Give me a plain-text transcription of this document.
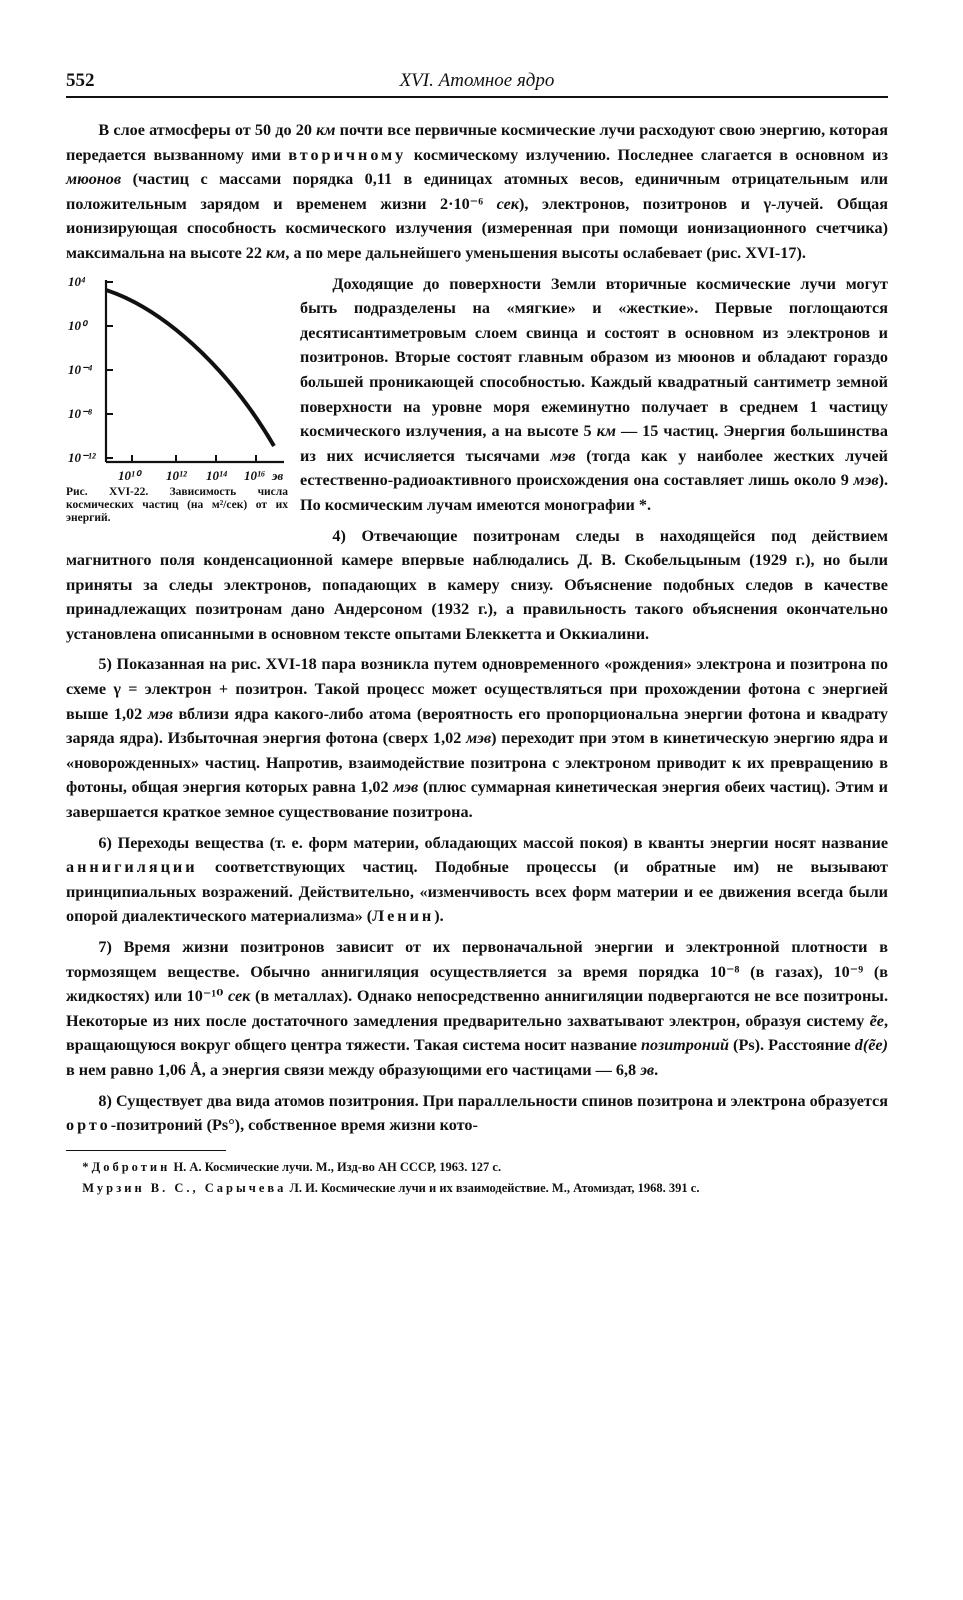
552	XVI. Атомное ядро

В слое атмосферы от 50 до 20 км почти все первичные космические лучи расходуют свою энергию, которая передается вызванному ими вторичному космическому излучению. Последнее слагается в основном из мюонов (частиц с массами порядка 0,11 в единицах атомных весов, единичным отрицательным или положительным зарядом и временем жизни 2·10⁻⁶ сек), электронов, позитронов и γ-лучей. Общая ионизирующая способность космического излучения (измеренная при помощи ионизационного счетчика) максимальна на высоте 22 км, а по мере дальнейшего уменьшения высоты ослабевает (рис. XVI-17).

10⁴
10⁰
10⁻⁴
10⁻⁸
10⁻¹²
10¹⁰ 10¹² 10¹⁴ 10¹⁶ эв
Рис. XVI-22. Зависимость числа космических частиц (на м²/сек) от их энергий.

Доходящие до поверхности Земли вторичные космические лучи могут быть подразделены на «мягкие» и «жесткие». Первые поглощаются десятисантиметровым слоем свинца и состоят в основном из электронов и позитронов. Вторые состоят главным образом из мюонов и обладают гораздо большей проникающей способностью. Каждый квадратный сантиметр земной поверхности на уровне моря ежеминутно получает в среднем 1 частицу космического излучения, а на высоте 5 км — 15 частиц. Энергия большинства из них исчисляется тысячами мэв (тогда как у наиболее жестких лучей естественно-радиоактивного происхождения она составляет лишь около 9 мэв). По космическим лучам имеются монографии *.

4) Отвечающие позитронам следы в находящейся под действием магнитного поля конденсационной камере впервые наблюдались Д. В. Скобельцыным (1929 г.), но были приняты за следы электронов, попадающих в камеру снизу. Объяснение подобных следов в качестве принадлежащих позитронам дано Андерсоном (1932 г.), а правильность такого объяснения окончательно установлена описанными в основном тексте опытами Блеккетта и Оккиалини.

5) Показанная на рис. XVI-18 пара возникла путем одновременного «рождения» электрона и позитрона по схеме γ = электрон + позитрон. Такой процесс может осуществляться при прохождении фотона с энергией выше 1,02 мэв вблизи ядра какого-либо атома (вероятность его пропорциональна энергии фотона и квадрату заряда ядра). Избыточная энергия фотона (сверх 1,02 мэв) переходит при этом в кинетическую энергию ядра и «новорожденных» частиц. Напротив, взаимодействие позитрона с электроном приводит к их превращению в фотоны, общая энергия которых равна 1,02 мэв (плюс суммарная кинетическая энергия обеих частиц). Этим и завершается краткое земное существование позитрона.

6) Переходы вещества (т. е. форм материи, обладающих массой покоя) в кванты энергии носят название аннигиляции соответствующих частиц. Подобные процессы (и обратные им) не вызывают принципиальных возражений. Действительно, «изменчивость всех форм материи и ее движения всегда были опорой диалектического материализма» (Ленин).

7) Время жизни позитронов зависит от их первоначальной энергии и электронной плотности в тормозящем веществе. Обычно аннигиляция осуществляется за время порядка 10⁻⁸ (в газах), 10⁻⁹ (в жидкостях) или 10⁻¹⁰ сек (в металлах). Однако непосредственно аннигиляции подвергаются не все позитроны. Некоторые из них после достаточного замедления предварительно захватывают электрон, образуя систему e͏̃e, вращающуюся вокруг общего центра тяжести. Такая система носит название позитроний (Ps). Расстояние d(ẽe) в нем равно 1,06 Å, а энергия связи между образующими его частицами — 6,8 эв.

8) Существует два вида атомов позитрония. При параллельности спинов позитрона и электрона образуется орто-позитроний (Ps°), собственное время жизни кото-

* Добротин Н. А. Космические лучи. М., Изд-во АН СССР, 1963. 127 с.

Мурзин В. С., Сарычева Л. И. Космические лучи и их взаимодействие. М., Атомиздат, 1968. 391 с.
